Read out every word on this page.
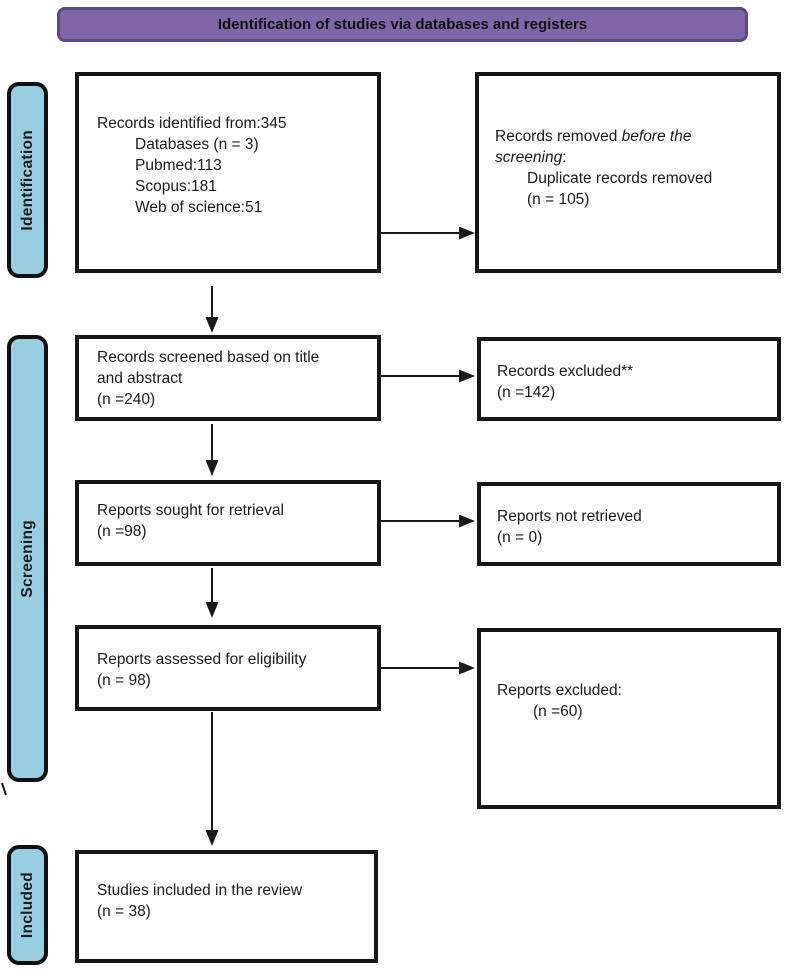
Identification of studies via databases and registers
Identification
Screening
Included
Records identified from:345
Databases (n = 3)
Pubmed:113
Scopus:181
Web of science:51
Records removed before the
screening:
Duplicate records removed
(n = 105)
Records screened based on title
and abstract
(n =240)
Records excluded**
(n =142)
Reports sought for retrieval
(n =98)
Reports not retrieved
(n = 0)
Reports assessed for eligibility
(n = 98)
Reports excluded:
(n =60)
Studies included in the review
(n = 38)
